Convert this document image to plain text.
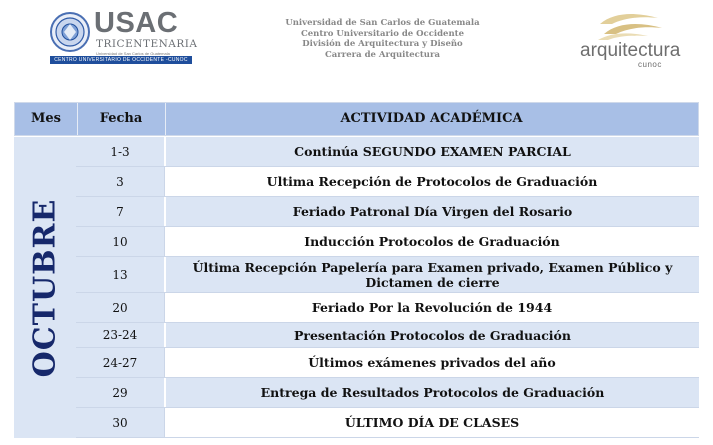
USAC
TRICENTENARIA
Universidad de San Carlos de Guatemala
CENTRO UNIVERSITARIO DE OCCIDENTE -CUNOC
Universidad de San Carlos de Guatemala
Centro Universitario de Occidente
División de Arquitectura y Diseño
Carrera de Arquitectura	arquitectura
cunoc
Mes	Fecha	ACTIVIDAD ACADÉMICA
OCTUBRE
1-3	Continúa SEGUNDO EXAMEN PARCIAL
3	Ultima Recepción de Protocolos de Graduación
7	Feriado Patronal Día Virgen del Rosario
10	Inducción Protocolos de Graduación
13	Última Recepción Papelería para Examen privado, Examen Público y Dictamen de cierre
20	Feriado Por la Revolución de 1944
23-24	Presentación Protocolos de Graduación
24-27	Últimos exámenes privados del año
29	Entrega de Resultados Protocolos de Graduación
30	ÚLTIMO DÍA DE CLASES
